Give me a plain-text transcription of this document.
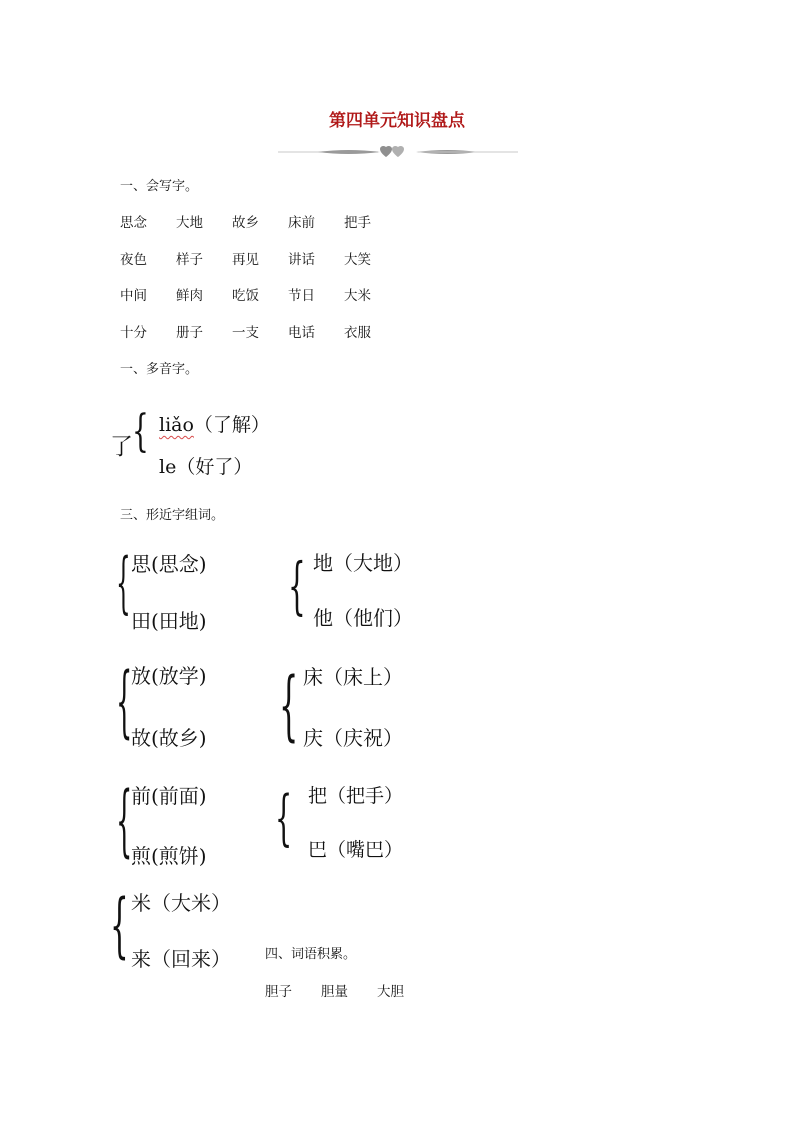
第四单元知识盘点
一、会写字。
思念 大地 故乡 床前 把手
夜色 样子 再见 讲话 大笑
中间 鲜肉 吃饭 节日 大米
十分 册子 一支 电话 衣服
一、多音字。
了 { liǎo（了解）
le（好了）
三、形近字组词。
{ 思(思念)
田(田地) { 地（大地）
他（他们）
{
放(放学)
故(故乡) { 床（床上）
庆（庆祝）
{
前(前面)
煎(煎饼)
{ 把（把手）
巴（嘴巴）
{ 米（大米）
来（回来）	四、词语积累。
胆子 胆量 大胆
